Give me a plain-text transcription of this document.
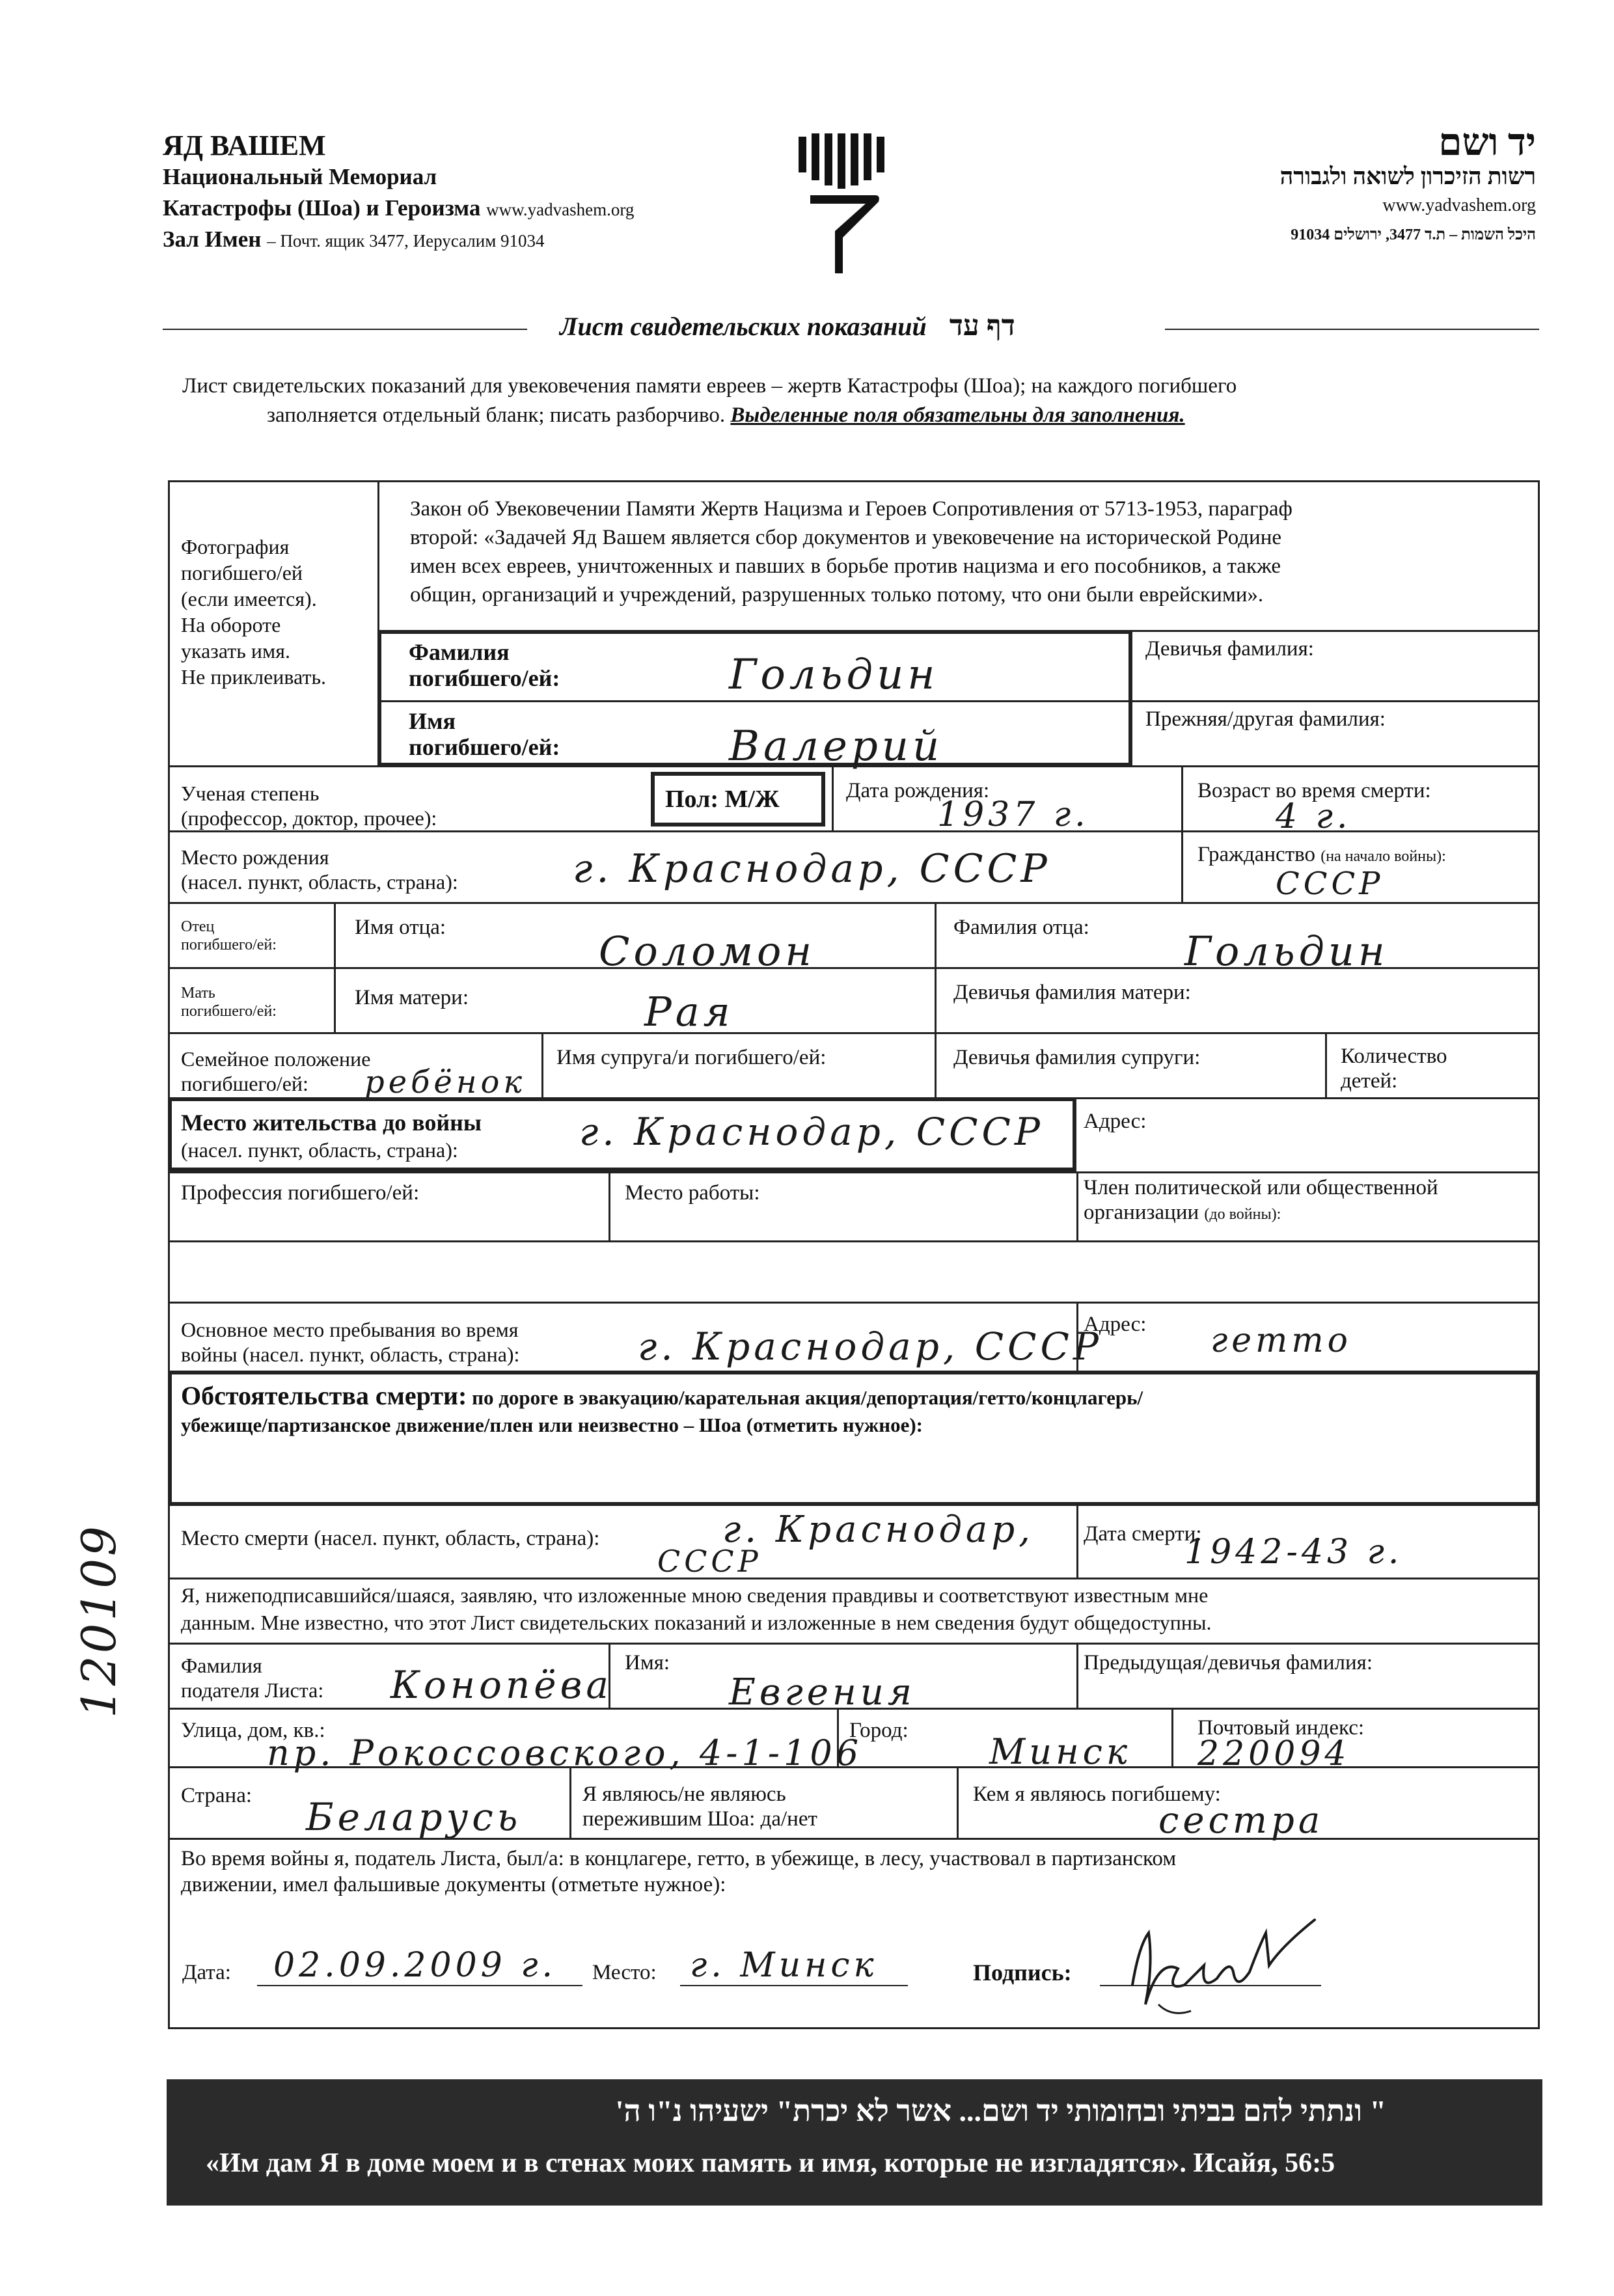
ЯД ВАШЕМ
Национальный Мемориал
Катастрофы (Шоа) и Героизма www.yadvashem.org
Зал Имен – Почт. ящик 3477, Иерусалим 91034
יד ושם
רשות הזיכרון לשואה ולגבורה
www.yadvashem.org
היכל השמות – ת.ד 3477, ירושלים 91034
Лист свидетельских показаний דף עד
Лист свидетельских показаний для увековечения памяти евреев – жертв Катастрофы (Шоа); на каждого погибшего
заполняется отдельный бланк; писать разборчиво. Выделенные поля обязательны для заполнения.
Фотография
погибшего/ей
(если имеется).
На обороте
указать имя.
Не приклеивать.
Закон об Увековечении Памяти Жертв Нацизма и Героев Сопротивления от 5713-1953, параграф
второй: «Задачей Яд Вашем является сбор документов и увековечение на исторической Родине
имен всех евреев, уничтоженных и павших в борьбе против нацизма и его пособников, а также
общин, организаций и учреждений, разрушенных только потому, что они были еврейскими».
Фамилия
погибшего/ей:	Гольдин
Девичья фамилия:
Имя
погибшего/ей:	Валерий
Прежняя/другая фамилия:
Ученая степень
(профессор, доктор, прочее):
Пол: М/Ж	Дата рождения:
1937 г.
Возраст во время смерти:
4 г.
Место рождения
(насел. пункт, область, страна):	г. Краснодар, СССР	Гражданство (на начало войны):
СССР
Отец
погибшего/ей:
Имя отца:	Соломон	Фамилия отца: Гольдин
Мать
погибшего/ей:
Имя матери:	Рая	Девичья фамилия матери:
Семейное положение
погибшего/ей:	ребёнок
Имя супруга/и погибшего/ей:	Девичья фамилия супруги:	Количество
детей:
Место жительства до войны
(насел. пункт, область, страна):	г. Краснодар, СССР Адрес:
Профессия погибшего/ей:	Место работы:	Член политической или общественной
организации (до войны):
Основное место пребывания во время
войны (насел. пункт, область, страна):	г. Краснодар, СССР
Адрес: гетто
Обстоятельства смерти: по дороге в эвакуацию/карательная акция/депортация/гетто/концлагерь/
убежище/партизанское движение/плен или неизвестно – Шоа (отметить нужное):
Место смерти (насел. пункт, область, страна):	г. Краснодар,
СССР
Дата смерти:
1942-43 г.
Я, нижеподписавшийся/шаяся, заявляю, что изложенные мною сведения правдивы и соответствуют известным мне
данным. Мне известно, что этот Лист свидетельских показаний и изложенные в нем сведения будут общедоступны.
Фамилия
подателя Листа: Конопёва Имя:
Евгения
Предыдущая/девичья фамилия:
Улица, дом, кв.:
пр. Рокоссовского, 4-1-106
Город:
Минск
Почтовый индекс:
220094
Страна: Беларусь
Я являюсь/не являюсь
пережившим Шоа: да/нет
Кем я являюсь погибшему:
сестра
Во время войны я, податель Листа, был/а: в концлагере, гетто, в убежище, в лесу, участвовал в партизанском
движении, имел фальшивые документы (отметьте нужное):
Дата: 02.09.2009 г. Место: г. Минск	Подпись:
120109
" ונתתי להם בביתי ובחומותי יד ושם... אשר לא יכרת" ישעיהו נ"ו ה'
«Им дам Я в доме моем и в стенах моих память и имя, которые не изгладятся». Исайя, 56:5
